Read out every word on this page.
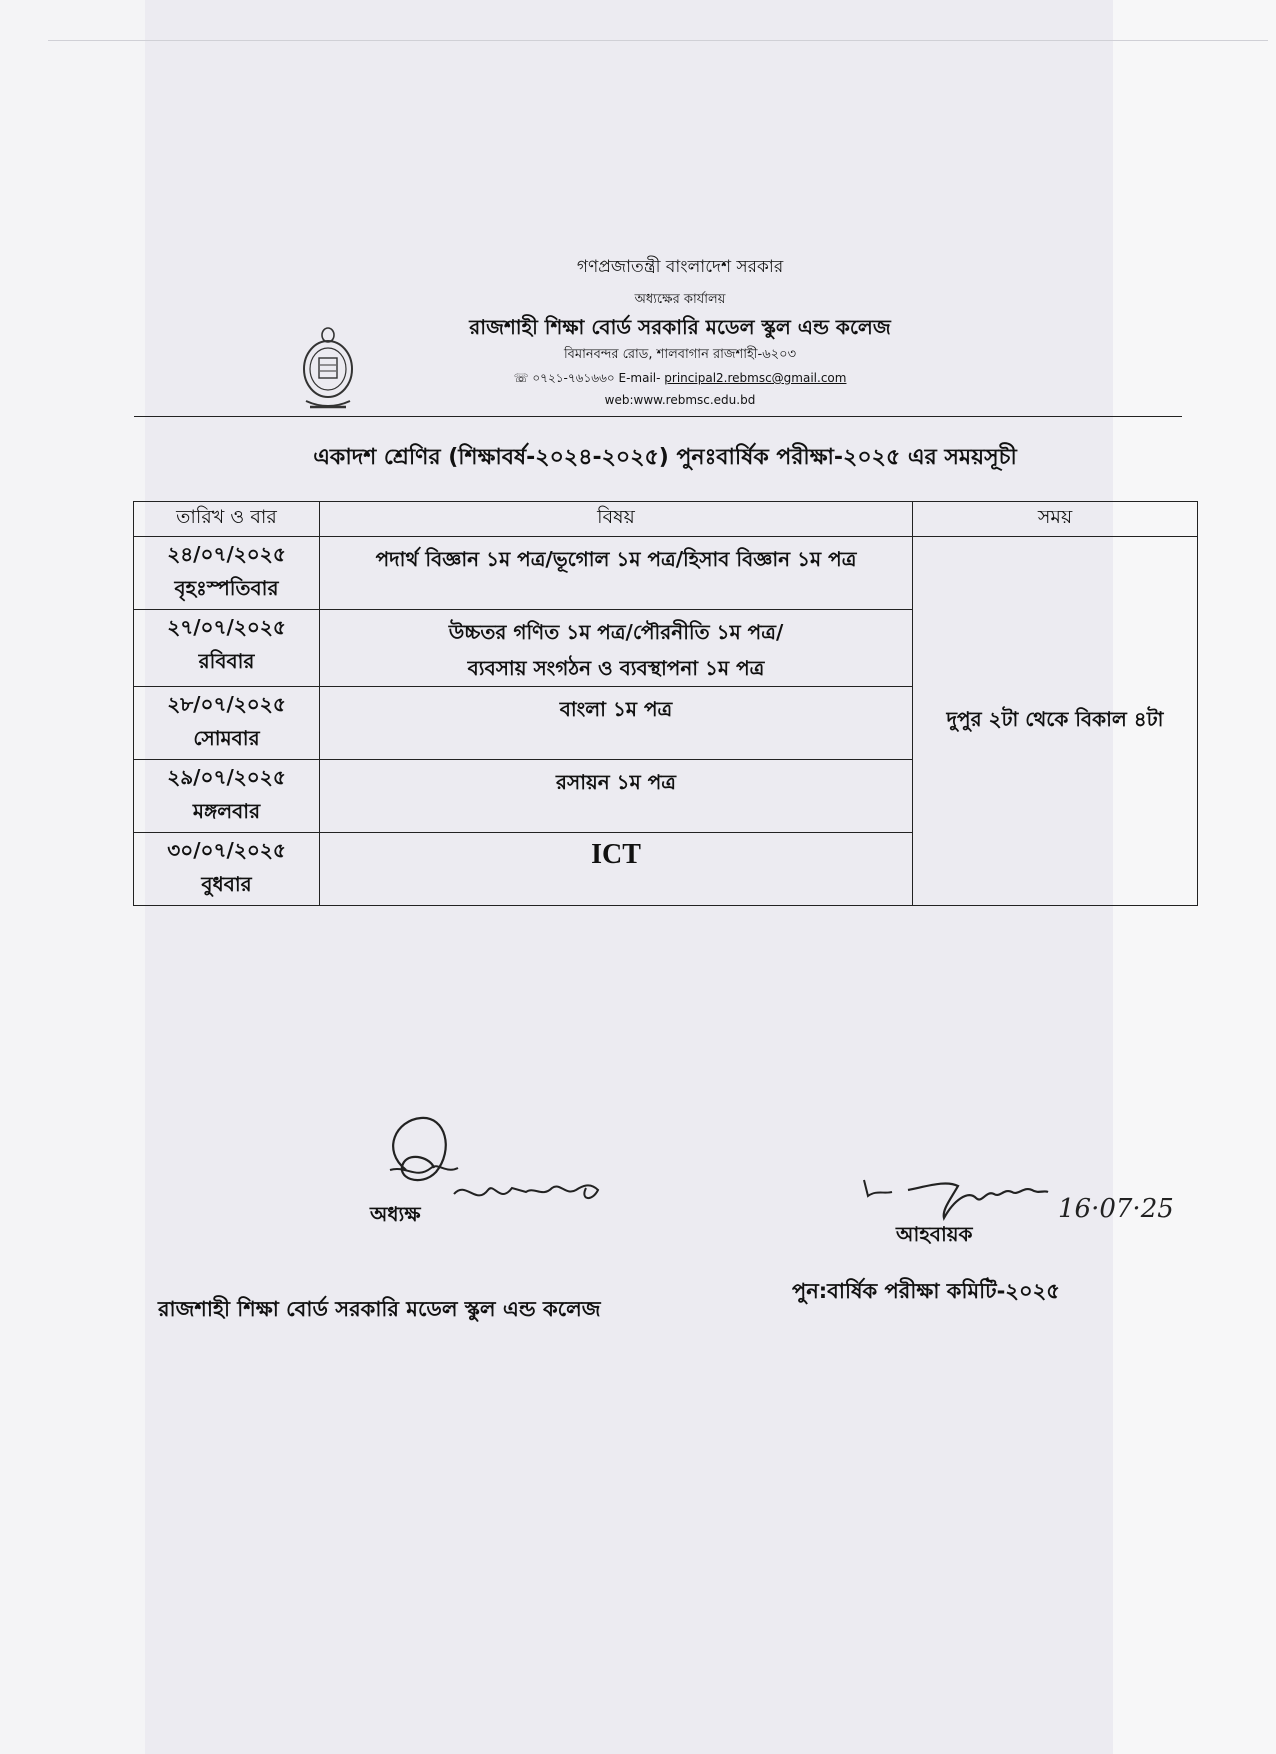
গণপ্রজাতন্ত্রী বাংলাদেশ সরকার
অধ্যক্ষের কার্যালয়
রাজশাহী শিক্ষা বোর্ড সরকারি মডেল স্কুল এন্ড কলেজ
বিমানবন্দর রোড, শালবাগান রাজশাহী-৬২০৩
☏ ০৭২১-৭৬১৬৬০ E-mail- principal2.rebmsc@gmail.com
web:www.rebmsc.edu.bd
একাদশ শ্রেণির (শিক্ষাবর্ষ-২০২৪-২০২৫) পুনঃবার্ষিক পরীক্ষা-২০২৫ এর সময়সূচী
তারিখ ও বার	বিষয়	সময়

২৪/০৭/২০২৫
বৃহঃস্পতিবার	পদার্থ বিজ্ঞান ১ম পত্র/ভূগোল ১ম পত্র/হিসাব বিজ্ঞান ১ম পত্র	দুপুর ২টা থেকে বিকাল ৪টা

২৭/০৭/২০২৫
রবিবার	উচ্চতর গণিত ১ম পত্র/পৌরনীতি ১ম পত্র/
ব্যবসায় সংগঠন ও ব্যবস্থাপনা ১ম পত্র	

২৮/০৭/২০২৫
সোমবার	বাংলা ১ম পত্র	

২৯/০৭/২০২৫
মঙ্গলবার	রসায়ন ১ম পত্র	

৩০/০৭/২০২৫
বুধবার	ICT	
অধ্যক্ষ	16·07·25
আহবায়ক
রাজশাহী শিক্ষা বোর্ড সরকারি মডেল স্কুল এন্ড কলেজ
পুন:বার্ষিক পরীক্ষা কমিটি-২০২৫
